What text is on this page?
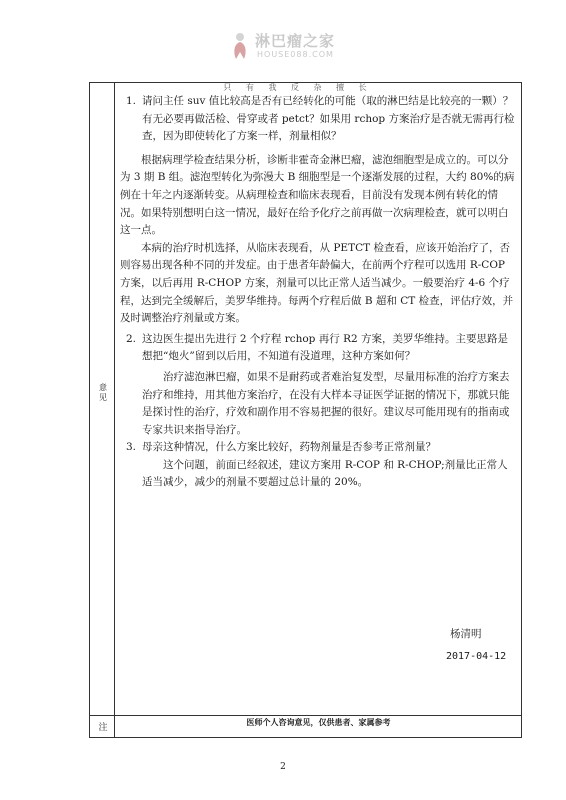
淋巴瘤之家
HOUSE088.COM
只 有 我 反 杂 擅 长
意
见
注
1. 请问主任 suv 值比较高是否有已经转化的可能（取的淋巴结是比较亮的一颗）？有无必要再做活检、骨穿或者 petct？如果用 rchop 方案治疗是否就无需再行检查，因为即使转化了方案一样，剂量相似？
根据病理学检查结果分析，诊断非霍奇金淋巴瘤，滤泡细胞型是成立的。可以分为 3 期 B 组。滤泡型转化为弥漫大 B 细胞型是一个逐渐发展的过程，大约 80%的病例在十年之内逐渐转变。从病理检查和临床表现看，目前没有发现本例有转化的情况。如果特别想明白这一情况，最好在给予化疗之前再做一次病理检查，就可以明白这一点。
本病的治疗时机选择，从临床表现看，从 PETCT 检查看，应该开始治疗了，否则容易出现各种不同的并发症。由于患者年龄偏大，在前两个疗程可以选用 R-COP 方案，以后再用 R-CHOP 方案，剂量可以比正常人适当减少。一般要治疗 4-6 个疗程，达到完全缓解后，美罗华维持。每两个疗程后做 B 超和 CT 检查，评估疗效，并及时调整治疗剂量或方案。
2. 这边医生提出先进行 2 个疗程 rchop 再行 R2 方案，美罗华维持。主要思路是想把“炮火”留到以后用，不知道有没道理，这种方案如何？
治疗滤泡淋巴瘤，如果不是耐药或者难治复发型，尽量用标准的治疗方案去治疗和维持，用其他方案治疗，在没有大样本寻证医学证据的情况下，那就只能是探讨性的治疗，疗效和副作用不容易把握的很好。建议尽可能用现有的指南或专家共识来指导治疗。
3. 母亲这种情况，什么方案比较好，药物剂量是否参考正常剂量？
这个问题，前面已经叙述，建议方案用 R-COP 和 R-CHOP;剂量比正常人适当减少，减少的剂量不要超过总计量的 20%。
杨清明
2017-04-12
医师个人咨询意见，仅供患者、家属参考
2
